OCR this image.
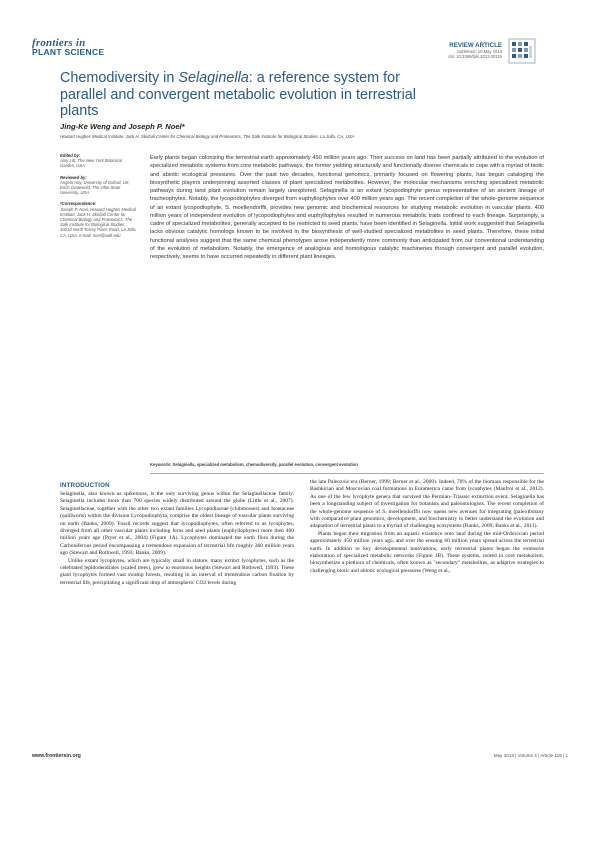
frontiers in
PLANT SCIENCE
REVIEW ARTICLE
published: 10 May 2013
doi: 10.3389/fpls.2013.00119
Chemodiversity in Selaginella: a reference system for parallel and convergent metabolic evolution in terrestrial plants
Jing-Ke Weng and Joseph P. Noel*
Howard Hughes Medical Institute, Jack H. Skirball Center for Chemical Biology and Proteomics, The Salk Institute for Biological Studies, La Jolla, CA, USA
Edited by:
Amy Litt, The New York Botanical Garden, USA
Reviewed by:
Angela Hay, University of Oxford, UK; Erich Grotewold, The Ohio State University, USA
*Correspondence:
Joseph P. Noel, Howard Hughes Medical Institute, Jack H. Skirball Center for Chemical Biology and Proteomics, The Salk Institute for Biological Studies, 10010 North Torrey Pines Road, La Jolla, CA, USA. e-mail: noel@salk.edu
Early plants began colonizing the terrestrial earth approximately 450 million years ago. Their success on land has been partially attributed to the evolution of specialized metabolic systems from core metabolic pathways, the former yielding structurally and functionally diverse chemicals to cope with a myriad of biotic and abiotic ecological pressures. Over the past two decades, functional genomics, primarily focused on flowering plants, has begun cataloging the biosynthetic players underpinning assorted classes of plant specialized metabolites. However, the molecular mechanisms enriching specialized metabolic pathways during land plant evolution remain largely unexplored. Selaginella is an extant lycopodiophyte genus representative of an ancient lineage of tracheophytes. Notably, the lycopodiophytes diverged from euphyllophytes over 400 million years ago. The recent completion of the whole-genome sequence of an extant lycopodiophyte, S. moellendorffii, provides new genomic and biochemical resources for studying metabolic evolution in vascular plants. 400 million years of independent evolution of lycopodiophytes and euphyllophytes resulted in numerous metabolic traits confined to each lineage. Surprisingly, a cadre of specialized metabolites, generally accepted to be restricted to seed plants, have been identified in Selaginella. Initial work suggested that Selaginella lacks obvious catalytic homologs known to be involved in the biosynthesis of well-studied specialized metabolites in seed plants. Therefore, these initial functional analyses suggest that the same chemical phenotypes arose independently more commonly than anticipated from our conventional understanding of the evolution of metabolism. Notably, the emergence of analogous and homologous catalytic machineries through convergent and parallel evolution, respectively, seems to have occurred repeatedly in different plant lineages.
Keywords: Selaginella, specialized metabolism, chemodiversity, parallel evolution, convergent evolution
INTRODUCTION

Selaginella, also known as spikemoss, is the only surviving genus within the Selaginellaceae family. Selaginella includes more than 700 species widely distributed around the globe (Little et al., 2007). Selaginellaceae, together with the other two extant families Lycopodiaceae (clubmosses) and Isoetaceae (quillworts) within the division Lycopodiophyta, comprise the oldest lineage of vascular plants surviving on earth (Banks, 2009). Fossil records suggest that lycopodiophytes, often referred to as lycophytes, diverged from all other vascular plants including ferns and seed plants (euphyllophytes) more then 400 million years ago (Pryer et al., 2004) (Figure 1A). Lycophytes dominated the earth flora during the Carboniferous period encompassing a tremendous expansion of terrestrial life roughly 360 million years ago (Stewart and Rothwell, 1993; Banks, 2009).

Unlike extant lycophytes, which are typically small in stature, many extinct lycophytes, such as the celebrated lepidodendrales (scaled trees), grew to enormous heights (Stewart and Rothwell, 1993). These giant lycophytes formed vast swamp forests, resulting in an interval of tremendous carbon fixation by terrestrial life, precipitating a significant drop of atmospheric CO2 levels during

the late Paleozoic era (Berner, 1999; Berner et al., 2000). Indeed, 70% of the biomass responsible for the Bashkirian and Moscovian coal formations in Euramerica came from lycophytes (Manfroi et al., 2012). As one of the few lycophyte genera that survived the Permian–Triassic extinction event, Selaginella has been a longstanding subject of investigation for botanists and paleontologists. The recent completion of the whole-genome sequence of S. moellendorffii now opens new avenues for integrating (paleo)botany with comparative plant genomics, development, and biochemistry to better understand the evolution and adaptation of terrestrial plants to a myriad of challenging ecosystems (Banks, 2009; Banks et al., 2011).

Plants began their migration from an aquatic existence onto land during the mid-Ordovician period approximately 450 million years ago, and over the ensuing 60 million years spread across the terrestrial earth. In addition to key developmental innovations, early terrestrial plants began the extensive elaboration of specialized metabolic networks (Figure 1B). These systems, rooted in core metabolism, biosynthesize a plethora of chemicals, often known as "secondary" metabolites, as adaptive strategies to challenging biotic and abiotic ecological pressures (Weng et al.,

www.frontiersin.org	May 2013 | Volume 4 | Article 119 | 1
